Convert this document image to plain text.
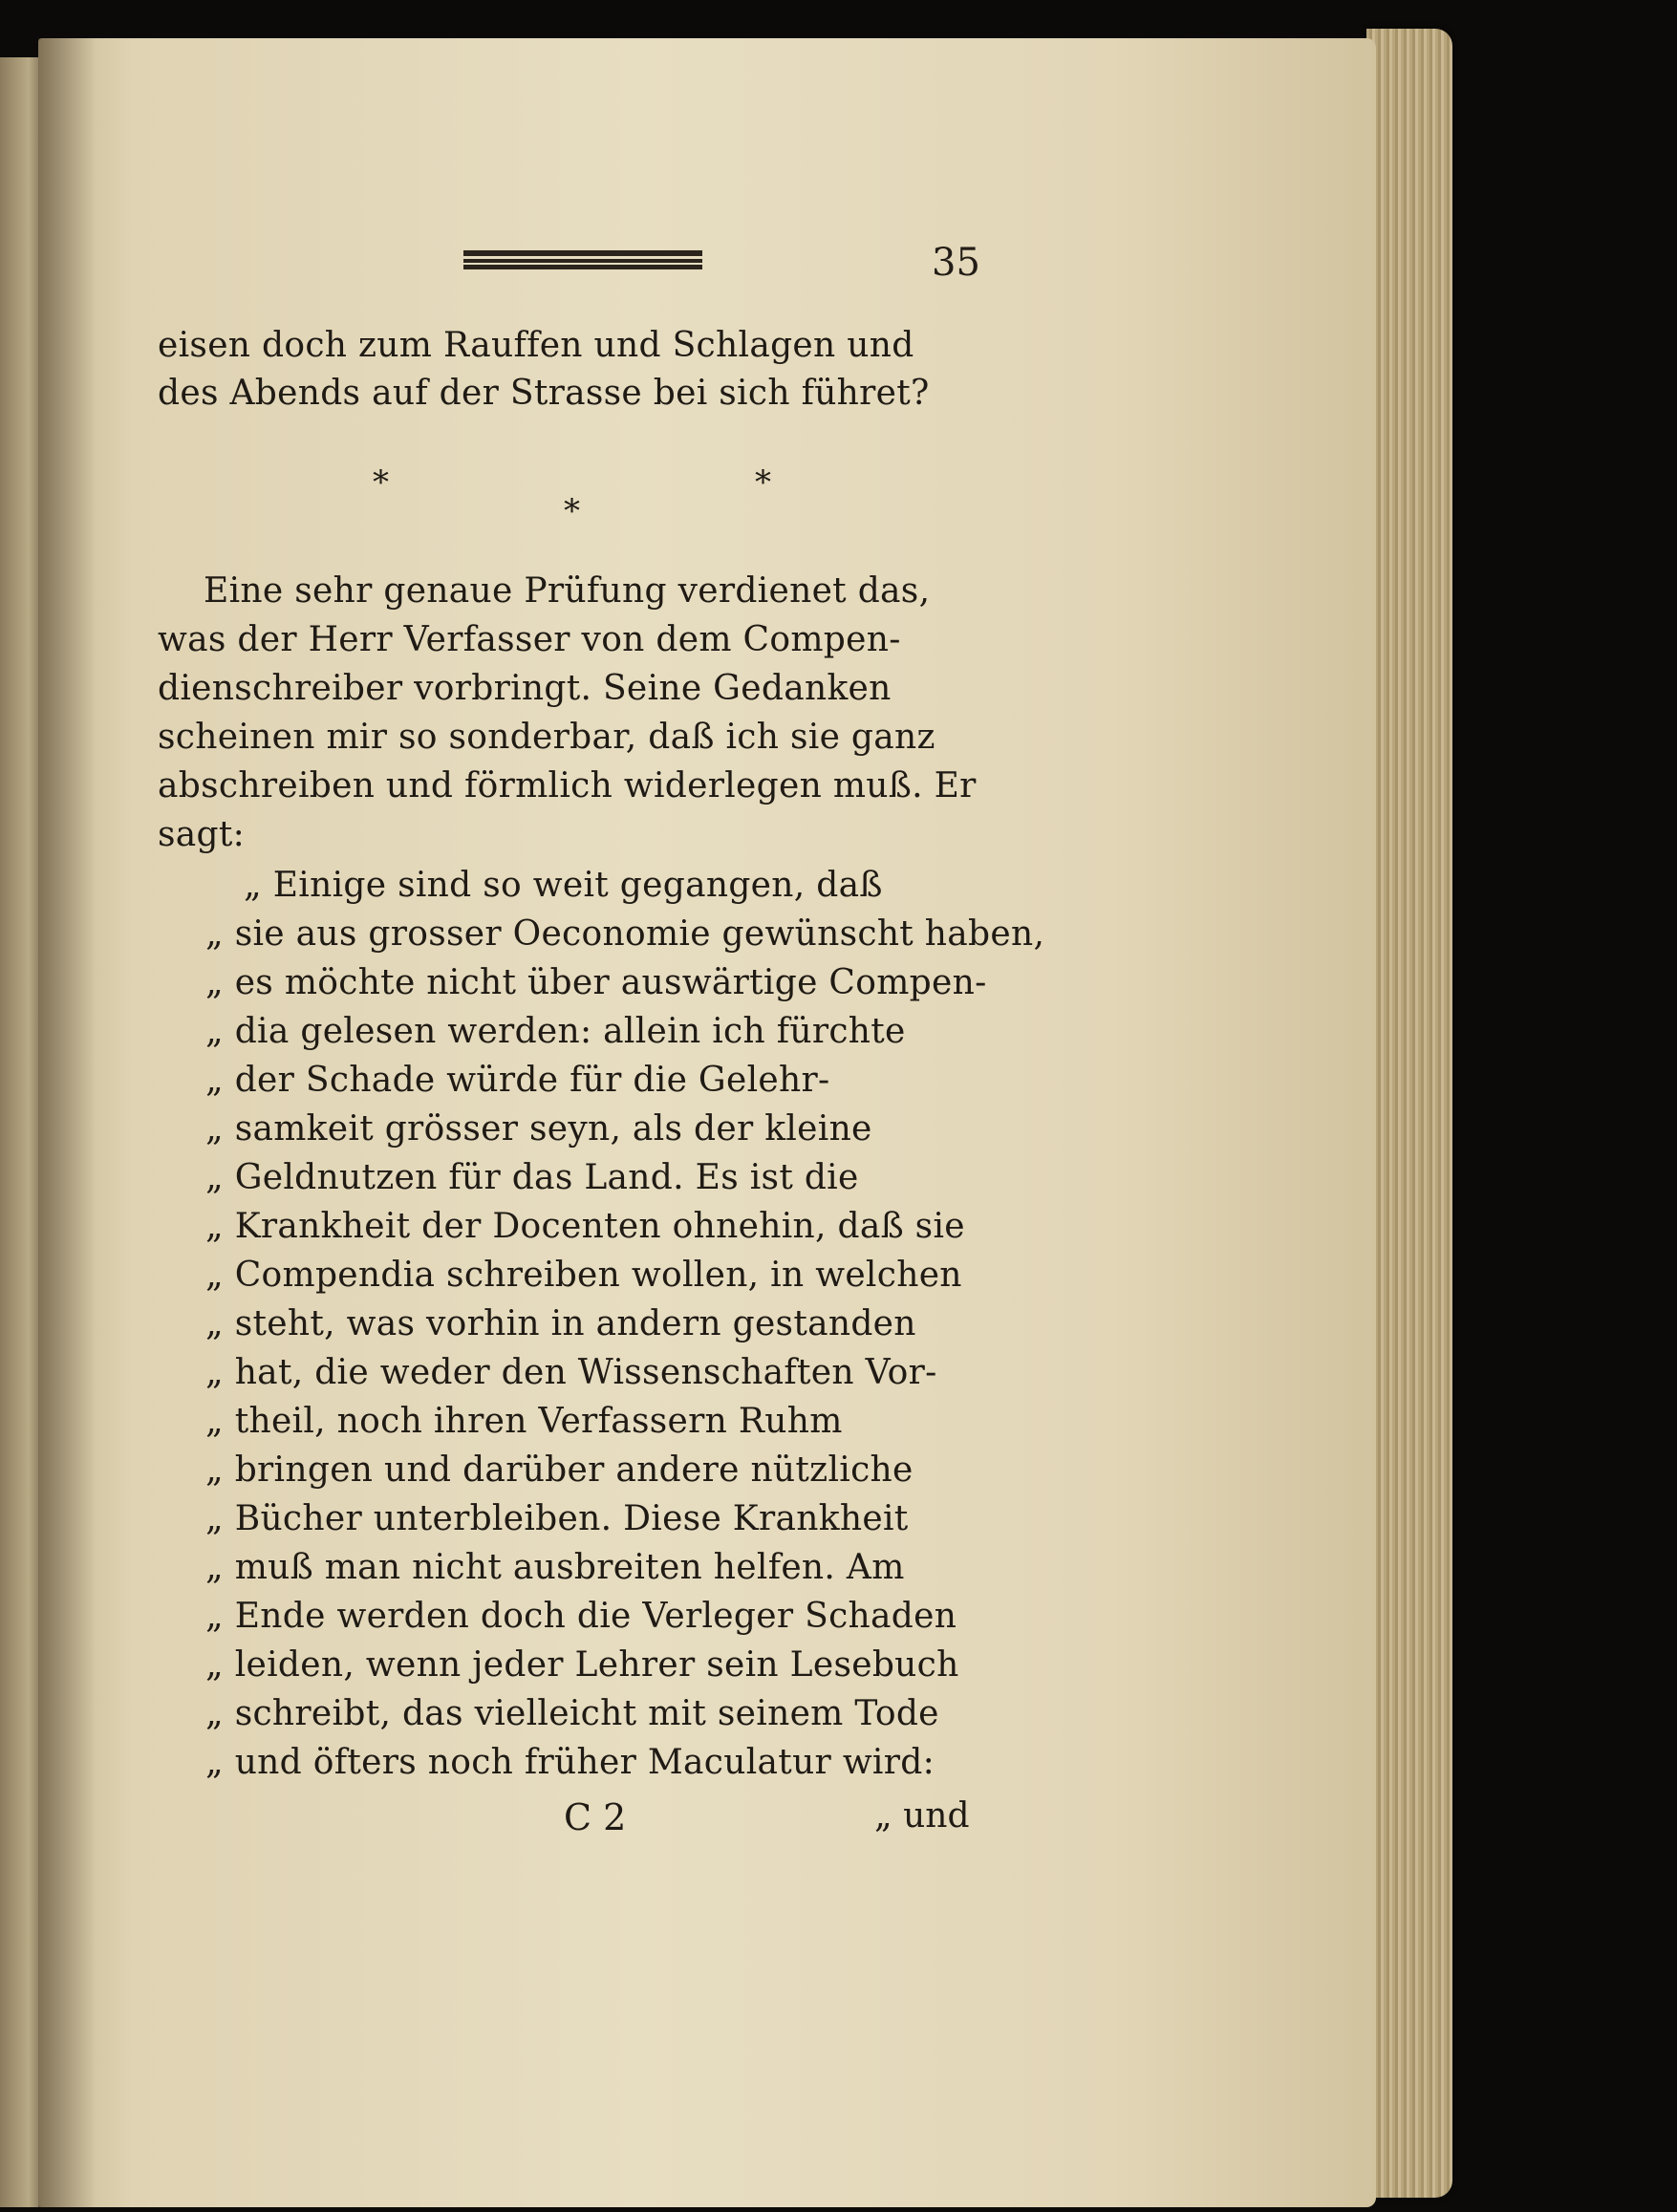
35
eisen doch zum Rauffen und Schlagen und
des Abends auf der Strasse bei sich führet?
*
*
*
Eine sehr genaue Prüfung verdienet das,
was der Herr Verfasser von dem Compen-
dienschreiber vorbringt. Seine Gedanken
scheinen mir so sonderbar, daß ich sie ganz
abschreiben und förmlich widerlegen muß. Er
sagt:
„ Einige sind so weit gegangen, daß
„ sie aus grosser Oeconomie gewünscht haben,
„ es möchte nicht über auswärtige Compen-
„ dia gelesen werden: allein ich fürchte
„ der Schade würde für die Gelehr-
„ samkeit grösser seyn, als der kleine
„ Geldnutzen für das Land. Es ist die
„ Krankheit der Docenten ohnehin, daß sie
„ Compendia schreiben wollen, in welchen
„ steht, was vorhin in andern gestanden
„ hat, die weder den Wissenschaften Vor-
„ theil, noch ihren Verfassern Ruhm
„ bringen und darüber andere nützliche
„ Bücher unterbleiben. Diese Krankheit
„ muß man nicht ausbreiten helfen. Am
„ Ende werden doch die Verleger Schaden
„ leiden, wenn jeder Lehrer sein Lesebuch
„ schreibt, das vielleicht mit seinem Tode
„ und öfters noch früher Maculatur wird:
C 2	„ und
